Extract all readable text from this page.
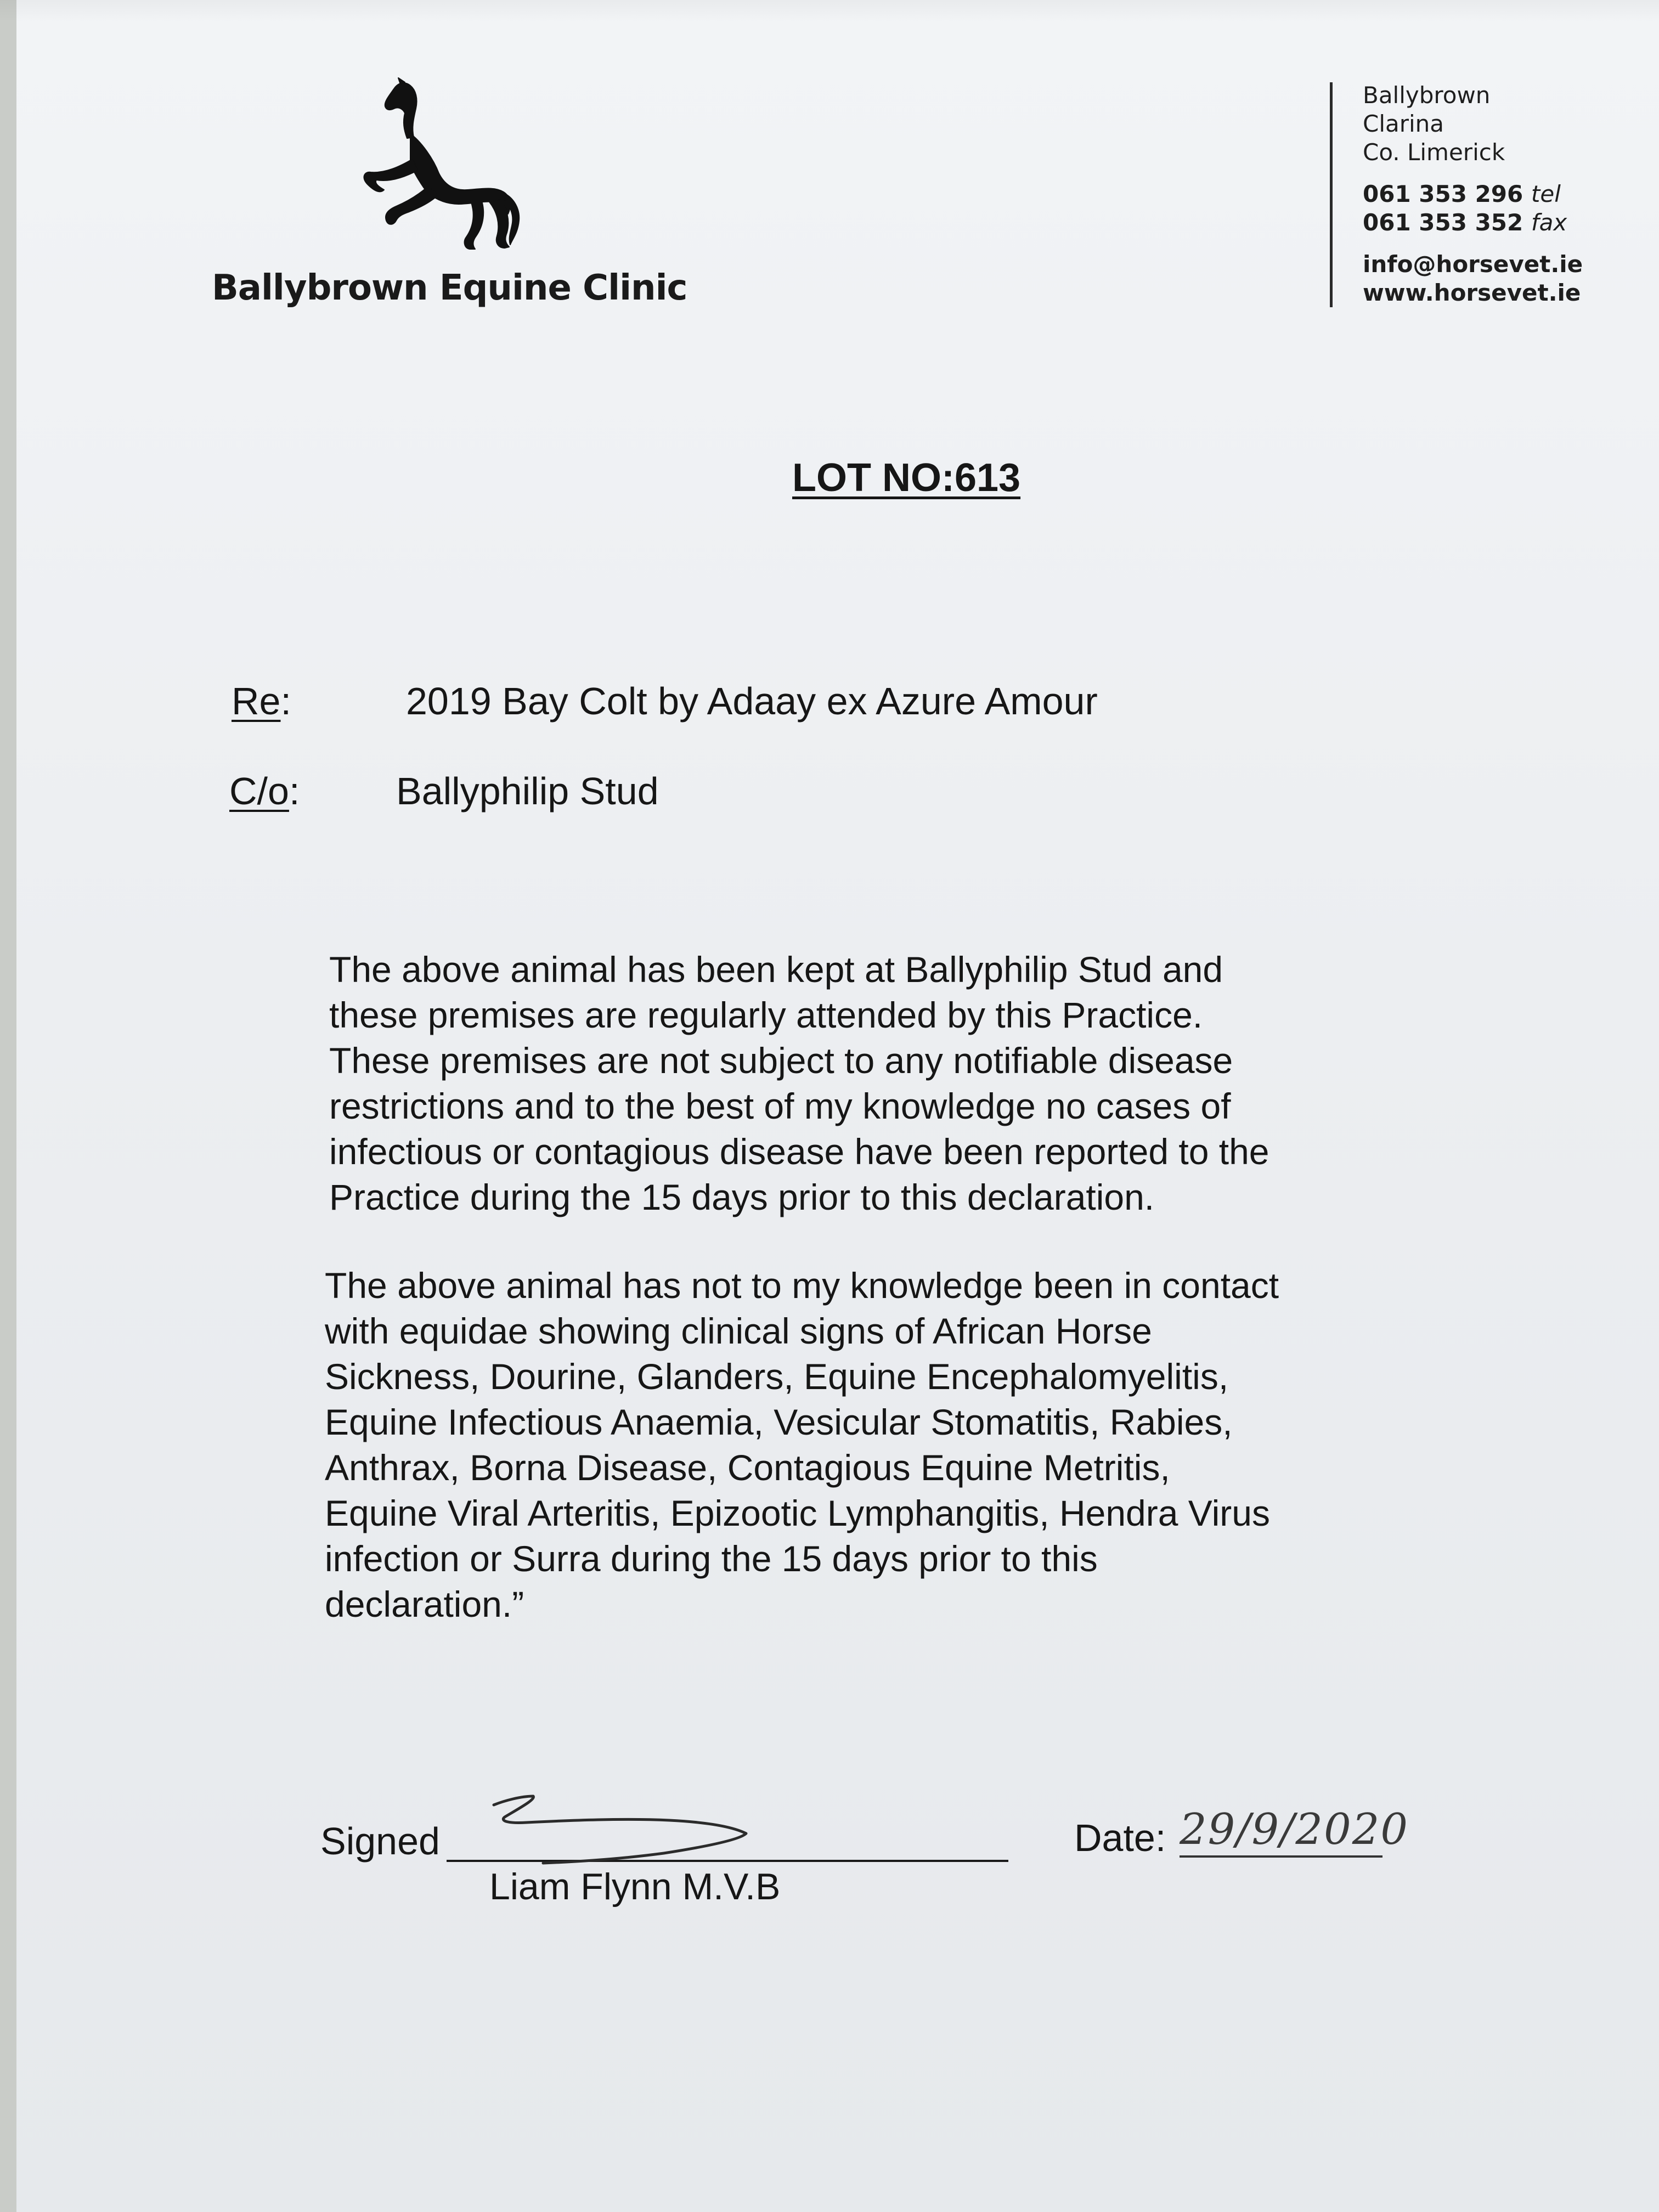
Ballybrown Equine Clinic
Ballybrown
Clarina
Co. Limerick
061 353 296 tel
061 353 352 fax
info@horsevet.ie
www.horsevet.ie
LOT NO:613
Re:	2019 Bay Colt by Adaay ex Azure Amour
C/o:	Ballyphilip Stud
The above animal has been kept at Ballyphilip Stud and
these premises are regularly attended by this Practice.
These premises are not subject to any notifiable disease
restrictions and to the best of my knowledge no cases of
infectious or contagious disease have been reported to the
Practice during the 15 days prior to this declaration.
The above animal has not to my knowledge been in contact
with equidae showing clinical signs of African Horse
Sickness, Dourine, Glanders, Equine Encephalomyelitis,
Equine Infectious Anaemia, Vesicular Stomatitis, Rabies,
Anthrax, Borna Disease, Contagious Equine Metritis,
Equine Viral Arteritis, Epizootic Lymphangitis, Hendra Virus
infection or Surra during the 15 days prior to this
declaration.”
Signed
Liam Flynn M.V.B
Date: 29/9/2020
